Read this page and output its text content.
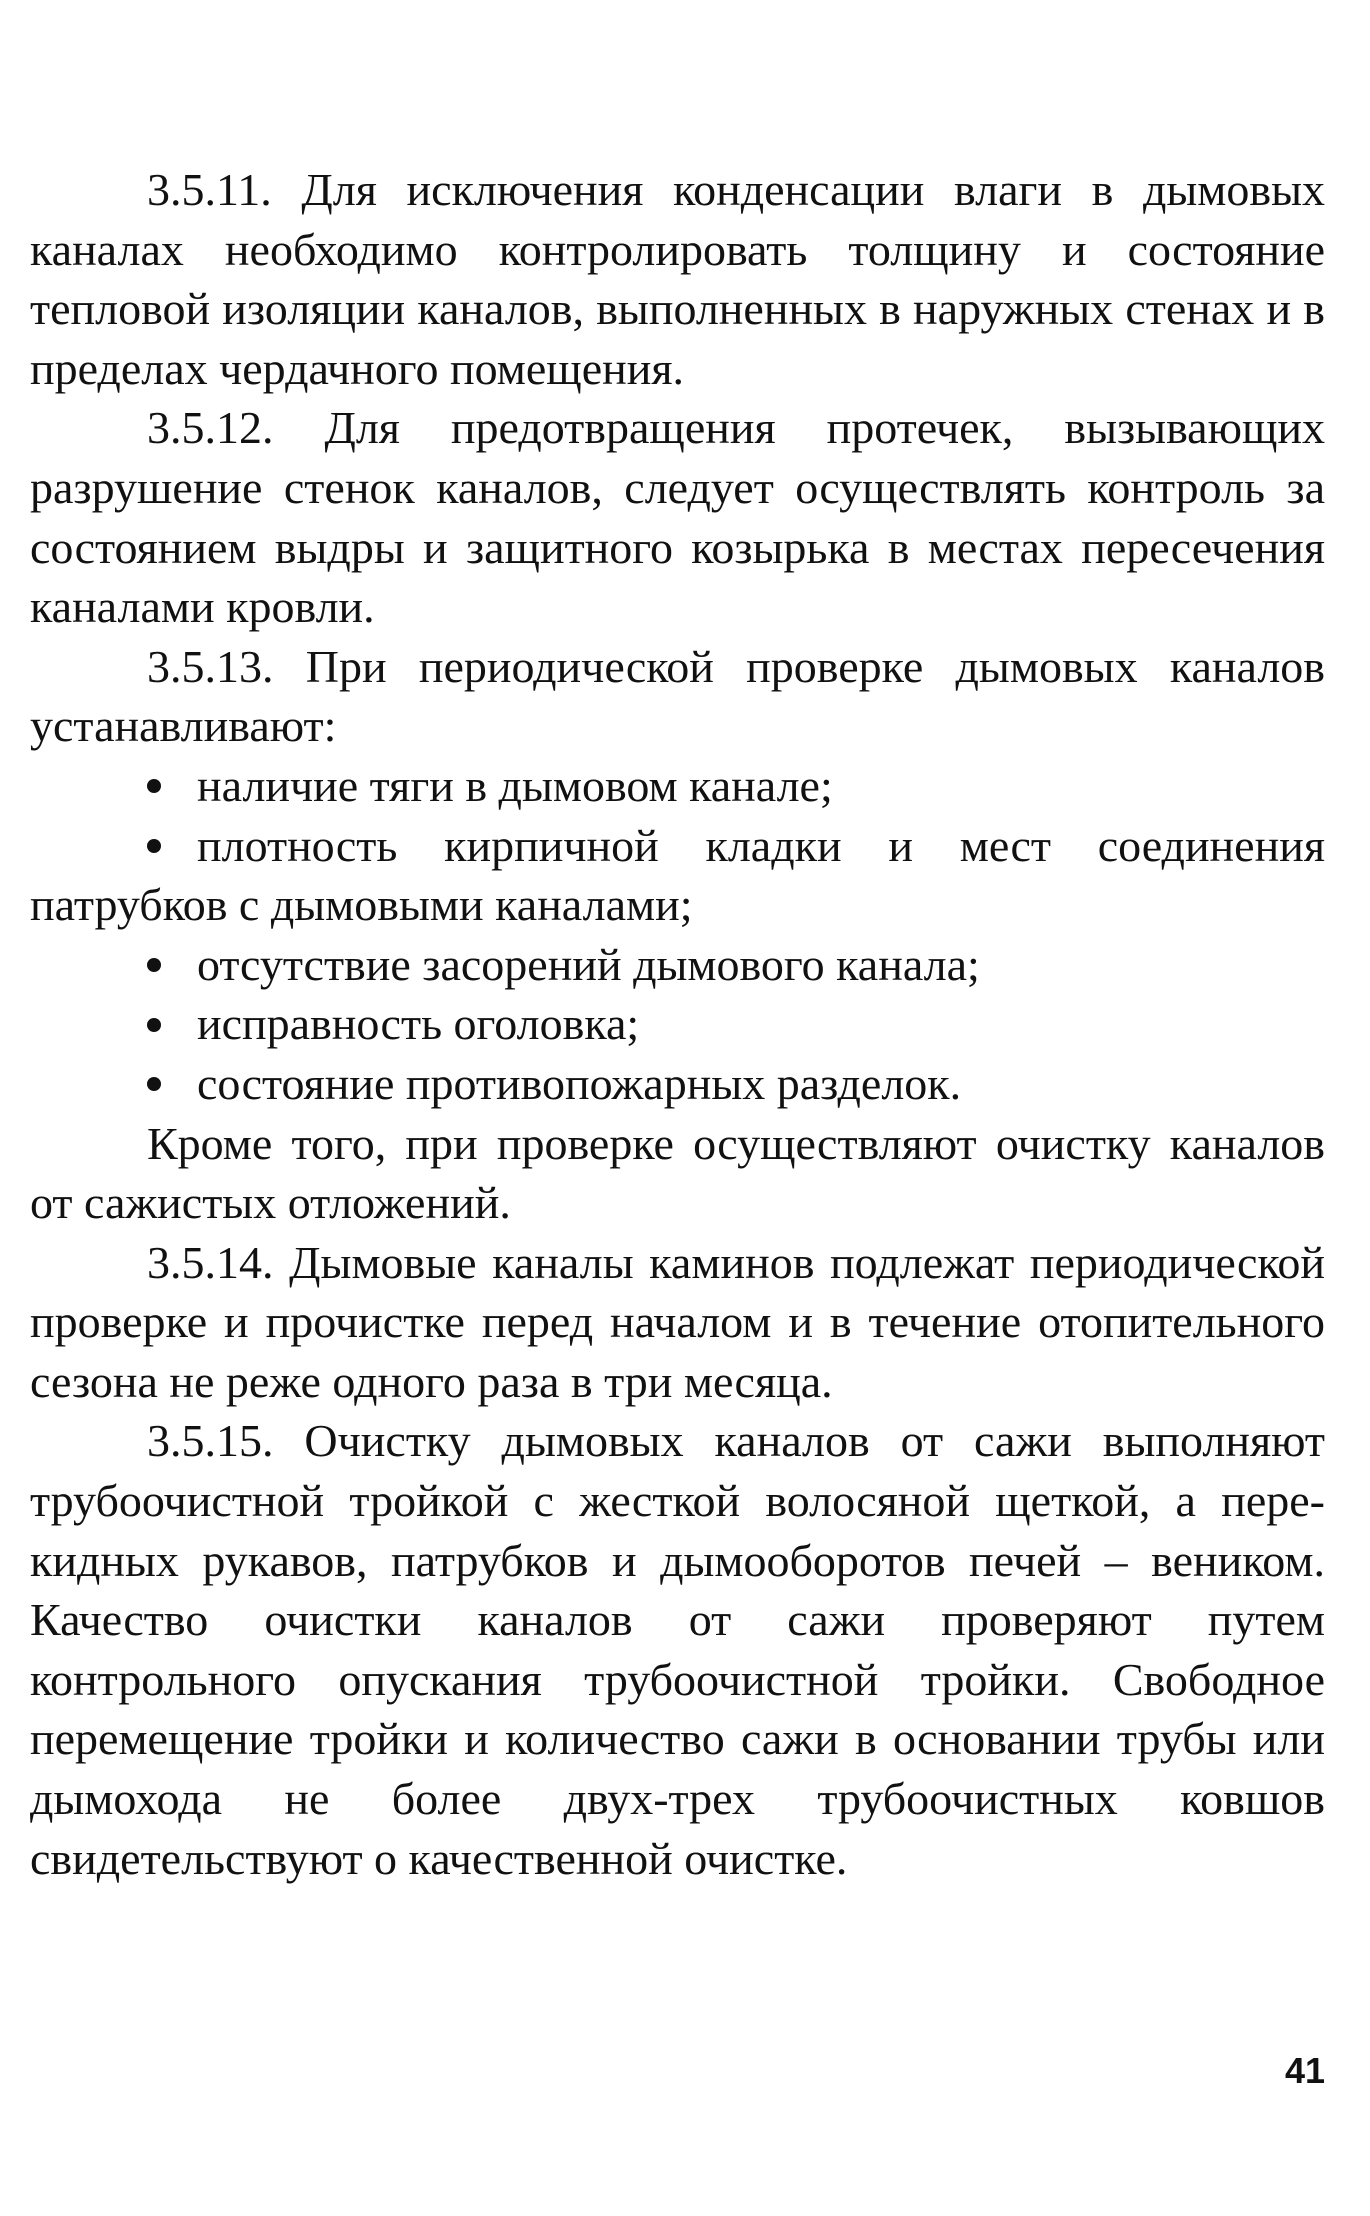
3.5.11. Для исключения конденсации влаги в дымовых каналах необходимо контролировать толщину и состояние тепловой изоляции каналов, выполненных в наружных стенах и в пределах чердачного помещения.

3.5.12. Для предотвращения протечек, вызывающих разрушение стенок каналов, следует осуществлять контроль за состоянием выдры и защитного козырька в местах пересечения каналами кровли.

3.5.13. При периодической проверке дымовых каналов устанавливают:

наличие тяги в дымовом канале;
плотность кирпичной кладки и мест соединения патрубков с дымовыми каналами;
отсутствие засорений дымового канала;
исправность оголовка;
состояние противопожарных разделок.

Кроме того, при проверке осуществляют очистку каналов от сажистых отложений.

3.5.14. Дымовые каналы каминов подлежат периодической проверке и прочистке перед началом и в течение отопительного сезона не реже одного раза в три месяца.

3.5.15. Очистку дымовых каналов от сажи выполняют трубоочистной тройкой с жесткой волосяной щеткой, а перекидных рукавов, патрубков и дымооборотов печей – веником. Качество очистки каналов от сажи проверяют путем контрольного опускания трубоочистной тройки. Свободное перемещение тройки и количество сажи в основании трубы или дымохода не более двух-трех трубоочистных ковшов свидетельствуют о качественной очистке.

41
